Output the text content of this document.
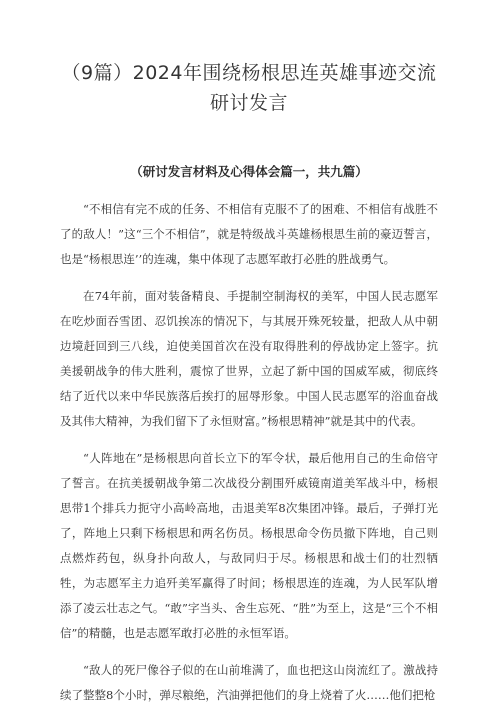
（9篇）2024年围绕杨根思连英雄事迹交流研讨发言
（研讨发言材料及心得体会篇一，共九篇）

“不相信有完不成的任务、不相信有克服不了的困难、不相信有战胜不了的敌人！”这“三个不相信”，就是特级战斗英雄杨根思生前的豪迈誓言，也是“杨根思连’’的连魂，集中体现了志愿军敢打必胜的胜战勇气。

在74年前，面对装备精良、手提制空制海权的美军，中国人民志愿军在吃炒面吞雪团、忍饥挨冻的情况下，与其展开殊死较量，把敌人从中朝边境赶回到三八线，迫使美国首次在没有取得胜利的停战协定上签字。抗美援朝战争的伟大胜利，震惊了世界，立起了新中国的国威军威，彻底终结了近代以来中华民族落后挨打的屈辱形象。中国人民志愿军的浴血奋战及其伟大精神，为我们留下了永恒财富。”杨根思精神”就是其中的代表。

“人阵地在”是杨根思向首长立下的军令状，最后他用自己的生命倍守了誓言。在抗美援朝战争第二次战役分割围歼威镜南道美军战斗中，杨根思带1个排兵力扼守小高岭高地，击退美军8次集团冲锋。最后，子弹打光了，阵地上只剩下杨根思和两名伤员。杨根思命令伤员撤下阵地，自己则点燃炸药包，纵身扑向敌人，与敌同归于尽。杨根思和战士们的壮烈牺牲，为志愿军主力追歼美军赢得了时间；杨根思连的连魂，为人民军队增添了凌云壮志之气。“敢”字当头、舍生忘死、“胜”为至上，这是“三个不相信”的精髓，也是志愿军敢打必胜的永恒军语。

“敌人的死尸像谷子似的在山前堆满了，血也把这山岗流红了。激战持续了整整8个小时，弹尽粮绝，汽油弹把他们的身上烧着了火……他们把枪
